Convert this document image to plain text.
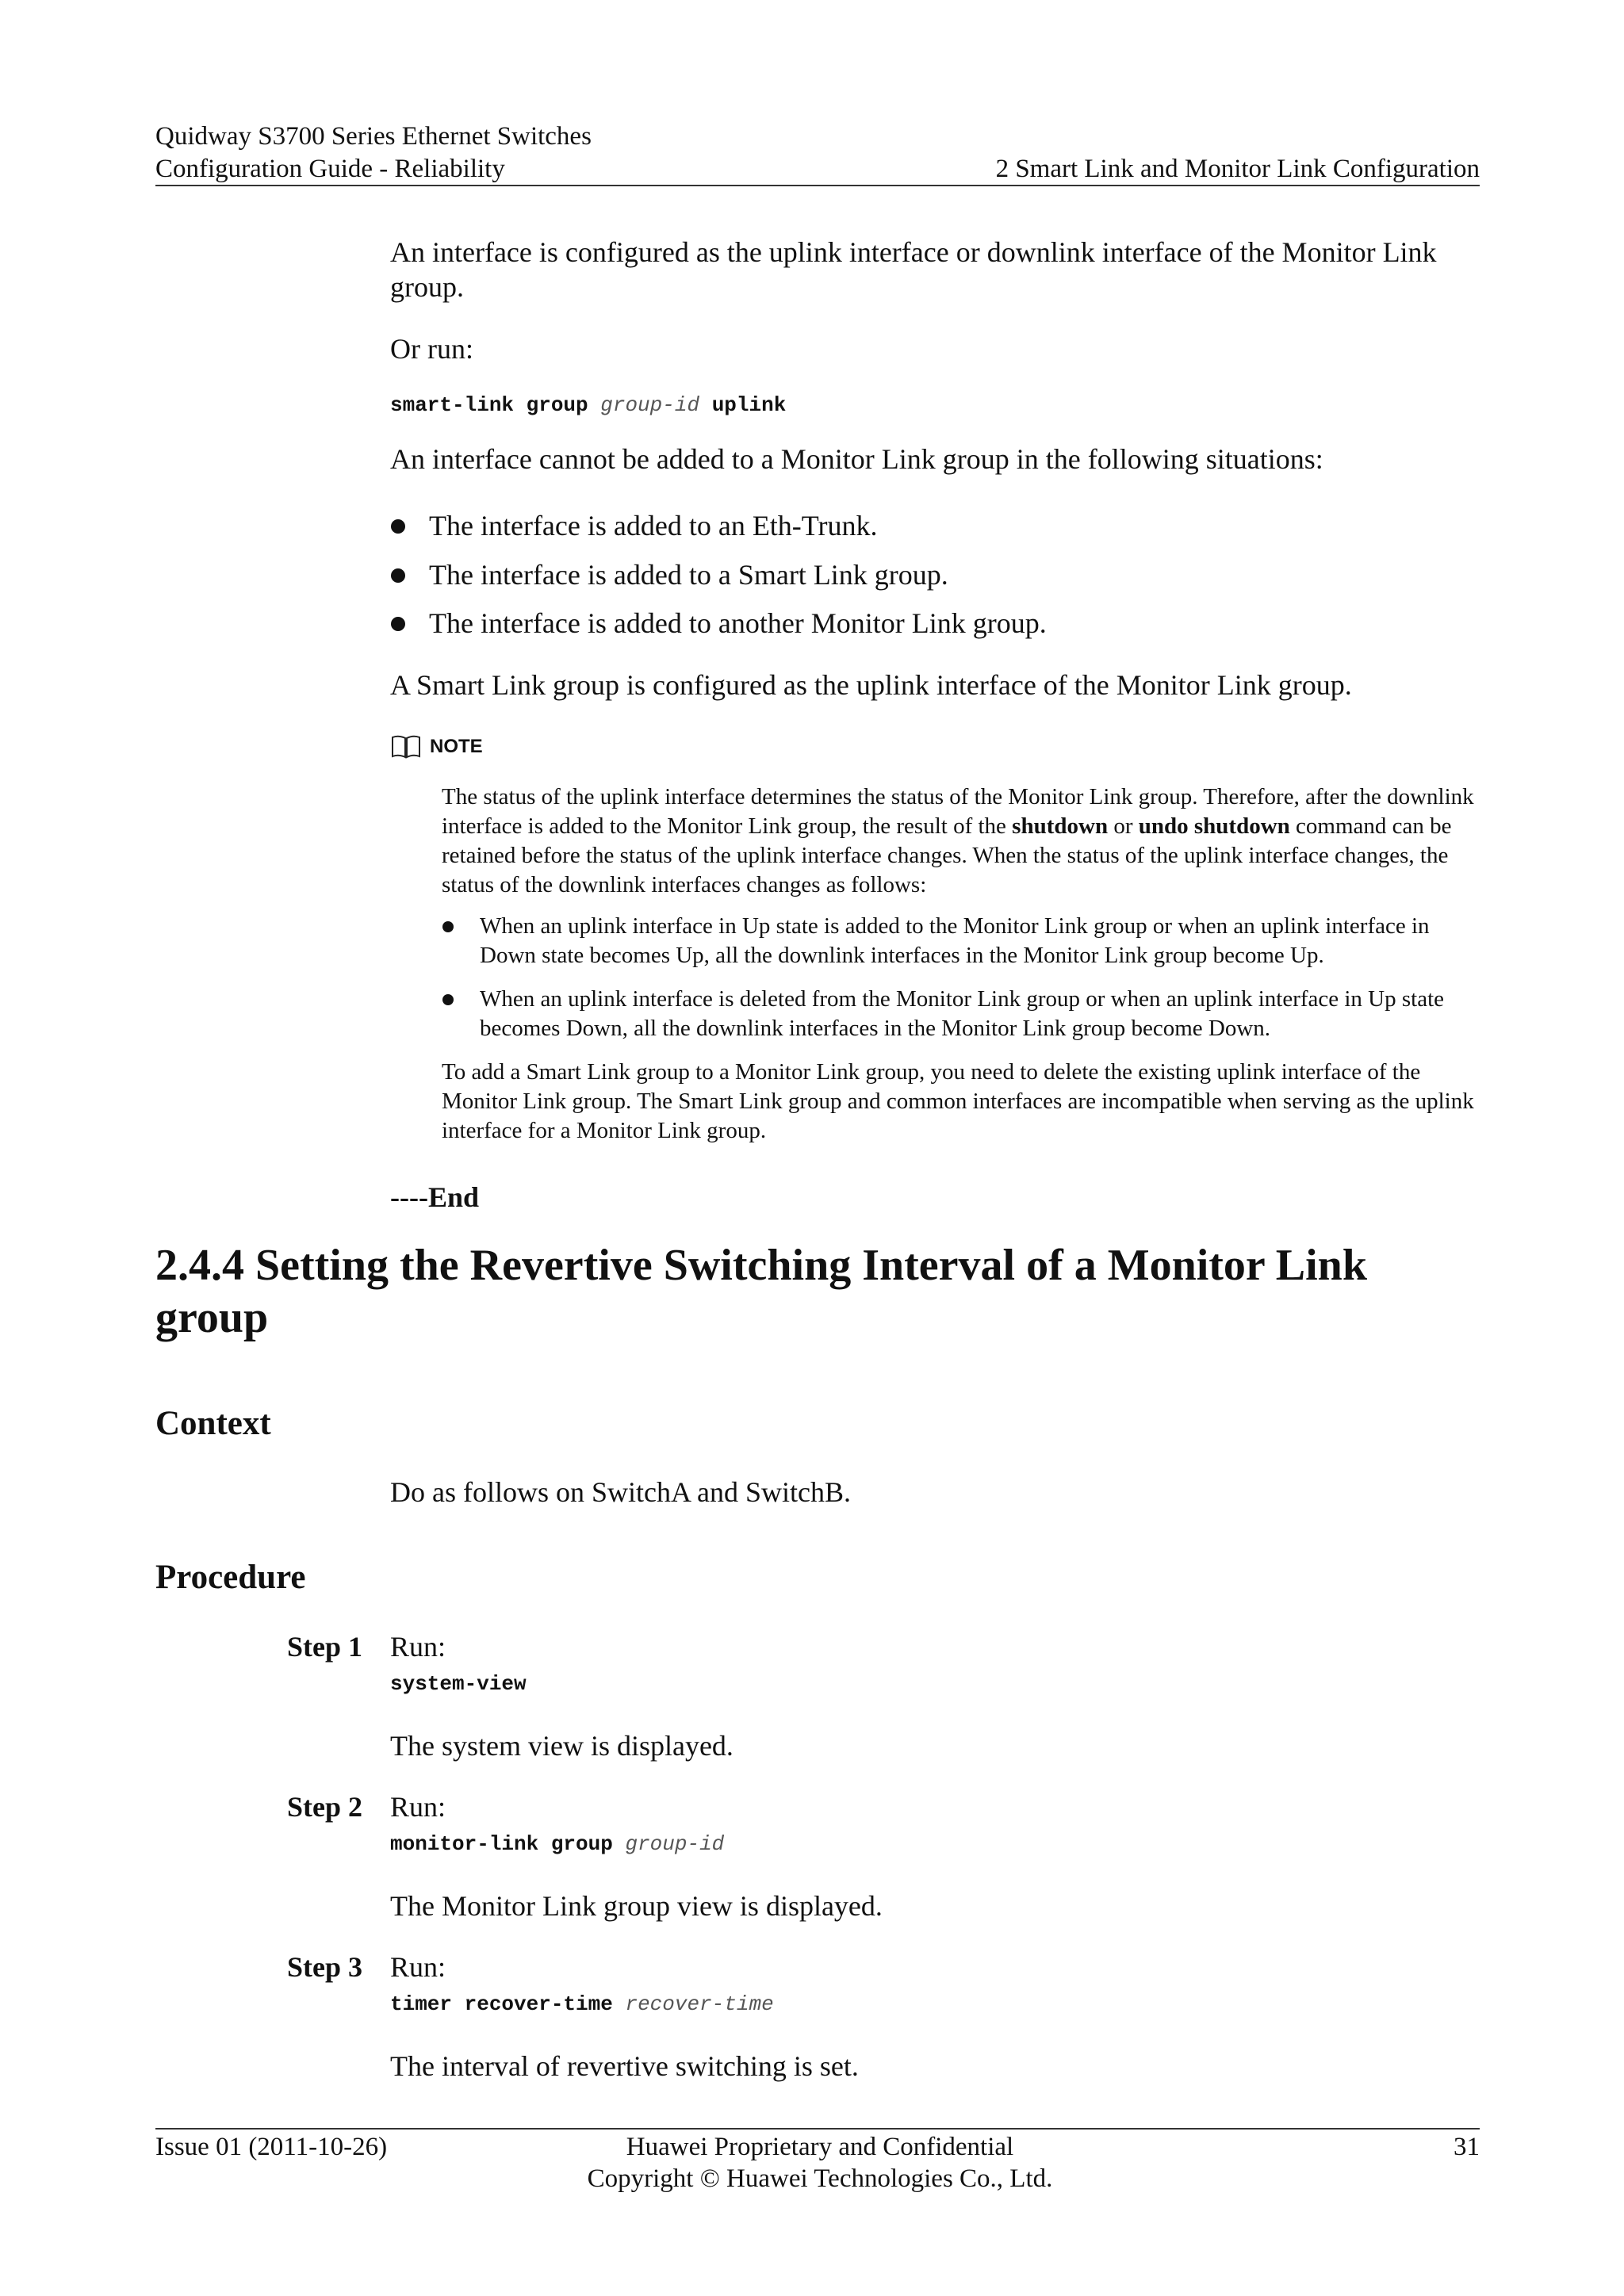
Quidway S3700 Series Ethernet Switches
Configuration Guide - Reliability	2 Smart Link and Monitor Link Configuration
An interface is configured as the uplink interface or downlink interface of the Monitor Link group.
Or run:
smart-link group group-id uplink
An interface cannot be added to a Monitor Link group in the following situations:
The interface is added to an Eth-Trunk.
The interface is added to a Smart Link group.
The interface is added to another Monitor Link group.
A Smart Link group is configured as the uplink interface of the Monitor Link group.
NOTE
The status of the uplink interface determines the status of the Monitor Link group. Therefore, after the downlink interface is added to the Monitor Link group, the result of the shutdown or undo shutdown command can be retained before the status of the uplink interface changes. When the status of the uplink interface changes, the status of the downlink interfaces changes as follows:
When an uplink interface in Up state is added to the Monitor Link group or when an uplink interface in Down state becomes Up, all the downlink interfaces in the Monitor Link group become Up.
When an uplink interface is deleted from the Monitor Link group or when an uplink interface in Up state becomes Down, all the downlink interfaces in the Monitor Link group become Down.
To add a Smart Link group to a Monitor Link group, you need to delete the existing uplink interface of the Monitor Link group. The Smart Link group and common interfaces are incompatible when serving as the uplink interface for a Monitor Link group.
----End
2.4.4 Setting the Revertive Switching Interval of a Monitor Link group
Context
Do as follows on SwitchA and SwitchB.
Procedure
Step 1 Run:
system-view
The system view is displayed.
Step 2 Run:
monitor-link group group-id
The Monitor Link group view is displayed.
Step 3 Run:
timer recover-time recover-time
The interval of revertive switching is set.
Issue 01 (2011-10-26)	Huawei Proprietary and Confidential
Copyright © Huawei Technologies Co., Ltd.
31
